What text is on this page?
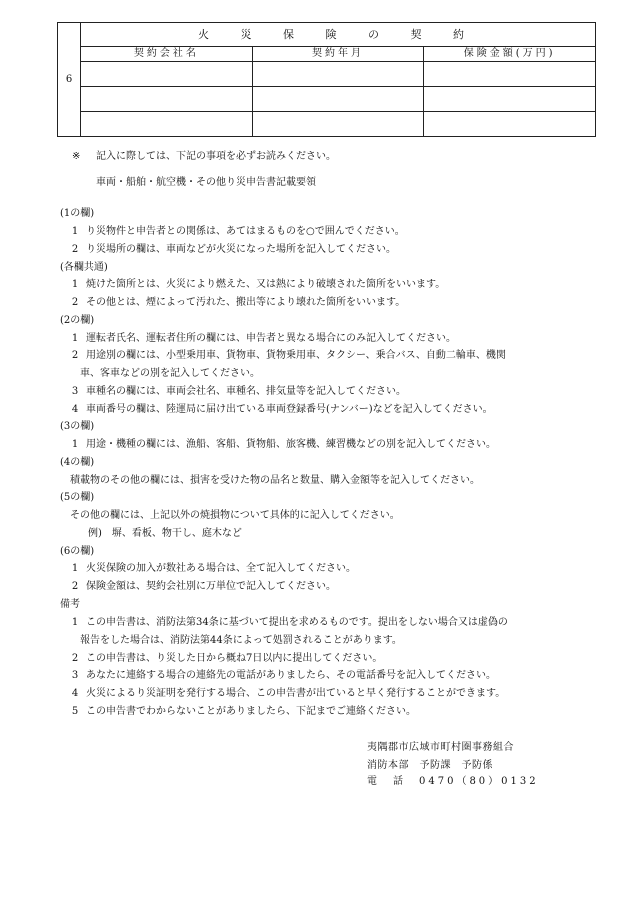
6	火 災 保 険 の 契 約		
	契約会社名	契約年月	保険金額(万円)

※ 記入に際しては、下記の事項を必ずお読みください。
車両・船舶・航空機・その他り災申告書記載要領
(1の欄)
1 り災物件と申告者との関係は、あてはまるものを○で囲んでください。
2 り災場所の欄は、車両などが火災になった場所を記入してください。
(各欄共通)
1 焼けた箇所とは、火災により燃えた、又は熱により破壊された箇所をいいます。
2 その他とは、煙によって汚れた、搬出等により壊れた箇所をいいます。
(2の欄)
1 運転者氏名、運転者住所の欄には、申告者と異なる場合にのみ記入してください。
2 用途別の欄には、小型乗用車、貨物車、貨物乗用車、タクシー、乗合バス、自動二輪車、機関
車、客車などの別を記入してください。
3 車種名の欄には、車両会社名、車種名、排気量等を記入してください。
4 車両番号の欄は、陸運局に届け出ている車両登録番号(ナンバー)などを記入してください。
(3の欄)
1 用途・機種の欄には、漁船、客船、貨物船、旅客機、練習機などの別を記入してください。
(4の欄)
積載物のその他の欄には、損害を受けた物の品名と数量、購入金額等を記入してください。
(5の欄)
その他の欄には、上記以外の焼損物について具体的に記入してください。
例)　塀、看板、物干し、庭木など
(6の欄)
1 火災保険の加入が数社ある場合は、全て記入してください。
2 保険金額は、契約会社別に万単位で記入してください。
備考
1 この申告書は、消防法第34条に基づいて提出を求めるものです。提出をしない場合又は虚偽の
報告をした場合は、消防法第44条によって処罰されることがあります。
2 この申告書は、り災した日から概ね7日以内に提出してください。
3 あなたに連絡する場合の連絡先の電話がありましたら、その電話番号を記入してください。
4 火災によるり災証明を発行する場合、この申告書が出ていると早く発行することができます。
5 この申告書でわからないことがありましたら、下記までご連絡ください。
夷隅郡市広域市町村圏事務組合
消防本部　予防課　予防係
電　話　0470（80）0132
